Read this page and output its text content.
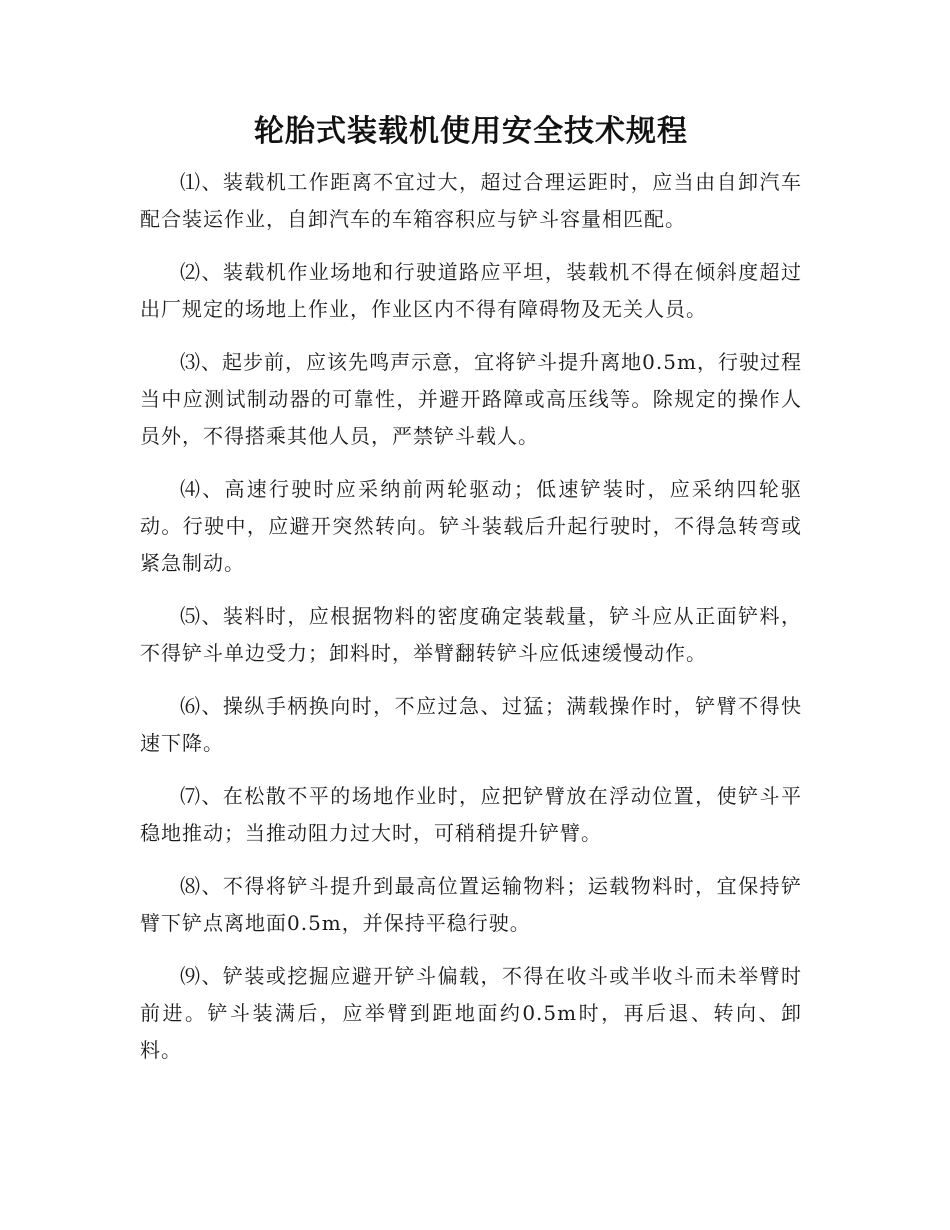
轮胎式装载机使用安全技术规程

⑴、装载机工作距离不宜过大，超过合理运距时，应当由自卸汽车配合装运作业，自卸汽车的车箱容积应与铲斗容量相匹配。

⑵、装载机作业场地和行驶道路应平坦，装载机不得在倾斜度超过出厂规定的场地上作业，作业区内不得有障碍物及无关人员。

⑶、起步前，应该先鸣声示意，宜将铲斗提升离地0.5m，行驶过程当中应测试制动器的可靠性，并避开路障或高压线等。除规定的操作人员外，不得搭乘其他人员，严禁铲斗载人。

⑷、高速行驶时应采纳前两轮驱动；低速铲装时，应采纳四轮驱动。行驶中，应避开突然转向。铲斗装载后升起行驶时，不得急转弯或紧急制动。

⑸、装料时，应根据物料的密度确定装载量，铲斗应从正面铲料，不得铲斗单边受力；卸料时，举臂翻转铲斗应低速缓慢动作。

⑹、操纵手柄换向时，不应过急、过猛；满载操作时，铲臂不得快速下降。

⑺、在松散不平的场地作业时，应把铲臂放在浮动位置，使铲斗平稳地推动；当推动阻力过大时，可稍稍提升铲臂。

⑻、不得将铲斗提升到最高位置运输物料；运载物料时，宜保持铲臂下铲点离地面0.5m，并保持平稳行驶。

⑼、铲装或挖掘应避开铲斗偏载，不得在收斗或半收斗而未举臂时前进。铲斗装满后，应举臂到距地面约0.5m时，再后退、转向、卸料。
